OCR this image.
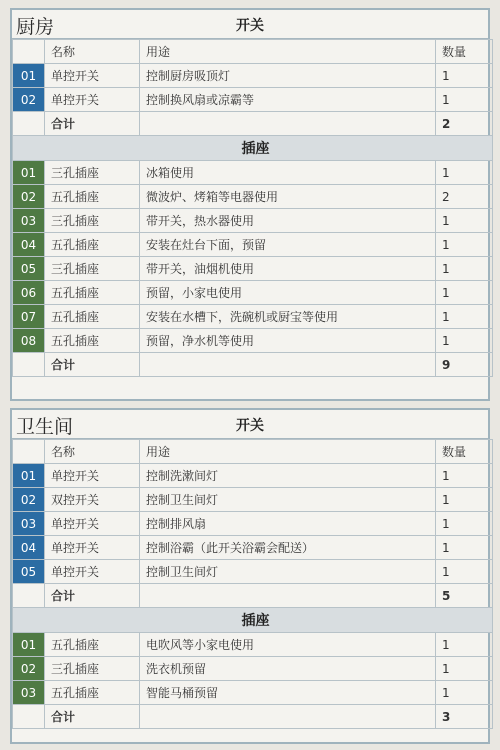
厨房	开关
	名称	用途	数量
01	单控开关	控制厨房吸顶灯	1
02	单控开关	控制换风扇或凉霸等	1
	合计		2
插座			
01	三孔插座	冰箱使用	1
02	五孔插座	微波炉、烤箱等电器使用	2
03	三孔插座	带开关，热水器使用	1
04	五孔插座	安装在灶台下面，预留	1
05	三孔插座	带开关，油烟机使用	1
06	五孔插座	预留，小家电使用	1
07	五孔插座	安装在水槽下，洗碗机或厨宝等使用	1
08	五孔插座	预留，净水机等使用	1
	合计		9
卫生间	开关
	名称	用途	数量
01	单控开关	控制洗漱间灯	1
02	双控开关	控制卫生间灯	1
03	单控开关	控制排风扇	1
04	单控开关	控制浴霸（此开关浴霸会配送）	1
05	单控开关	控制卫生间灯	1
	合计		5
插座			
01	五孔插座	电吹风等小家电使用	1
02	三孔插座	洗衣机预留	1
03	五孔插座	智能马桶预留	1
	合计		3
